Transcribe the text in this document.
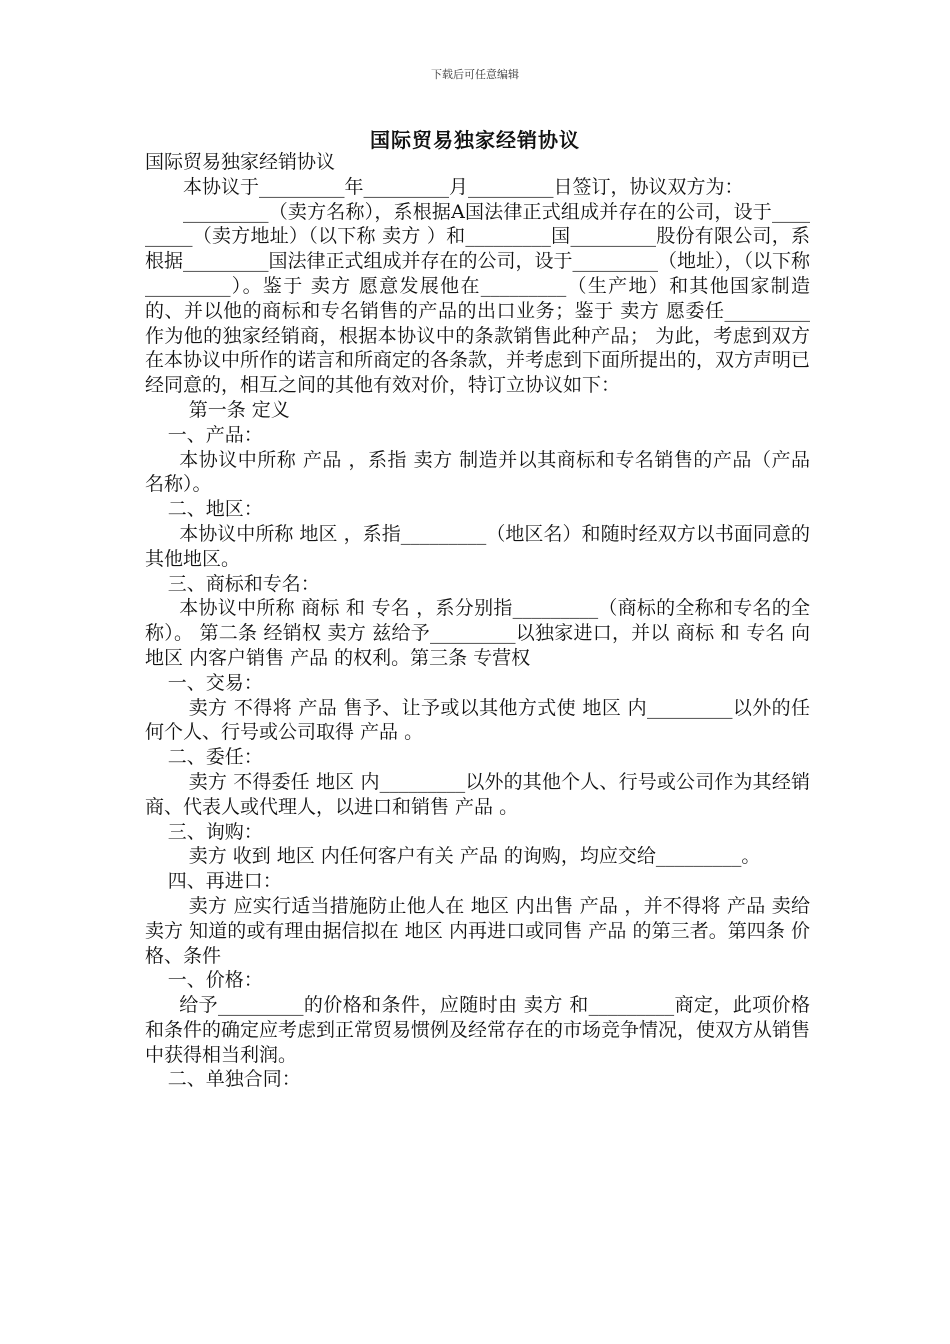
下载后可任意编辑
国际贸易独家经销协议

国际贸易独家经销协议

本协议于_________年_________月_________日签订，协议双方为：

_________（卖方名称），系根据A国法律正式组成并存在的公司，设于_________（卖方地址）（以下称 卖方 ）和_________国_________股份有限公司，系根据_________国法律正式组成并存在的公司，设于_________（地址），（以下称_________）。鉴于 卖方 愿意发展他在_________（生产地）和其他国家制造的、并以他的商标和专名销售的产品的出口业务；鉴于 卖方 愿委任_________作为他的独家经销商，根据本协议中的条款销售此种产品； 为此，考虑到双方在本协议中所作的诺言和所商定的各条款，并考虑到下面所提出的，双方声明已经同意的，相互之间的其他有效对价，特订立协议如下：

第一条 定义

一、产品：

本协议中所称 产品 ，系指 卖方 制造并以其商标和专名销售的产品（产品名称）。

二、地区：

本协议中所称 地区 ，系指_________（地区名）和随时经双方以书面同意的其他地区。

三、商标和专名：

本协议中所称 商标 和 专名 ，系分别指_________（商标的全称和专名的全称）。 第二条 经销权 卖方 兹给予_________以独家进口，并以 商标 和 专名 向 地区 内客户销售 产品 的权利。第三条 专营权

一、交易：

卖方 不得将 产品 售予、让予或以其他方式使 地区 内_________以外的任何个人、行号或公司取得 产品 。

二、委任：

卖方 不得委任 地区 内_________以外的其他个人、行号或公司作为其经销商、代表人或代理人，以进口和销售 产品 。

三、询购：

卖方 收到 地区 内任何客户有关 产品 的询购，均应交给_________。

四、再进口：

卖方 应实行适当措施防止他人在 地区 内出售 产品 ，并不得将 产品 卖给 卖方 知道的或有理由据信拟在 地区 内再进口或同售 产品 的第三者。第四条 价格、条件

一、价格：

给予_________的价格和条件，应随时由 卖方 和_________商定，此项价格和条件的确定应考虑到正常贸易惯例及经常存在的市场竞争情况，使双方从销售中获得相当利润。

二、单独合同：
